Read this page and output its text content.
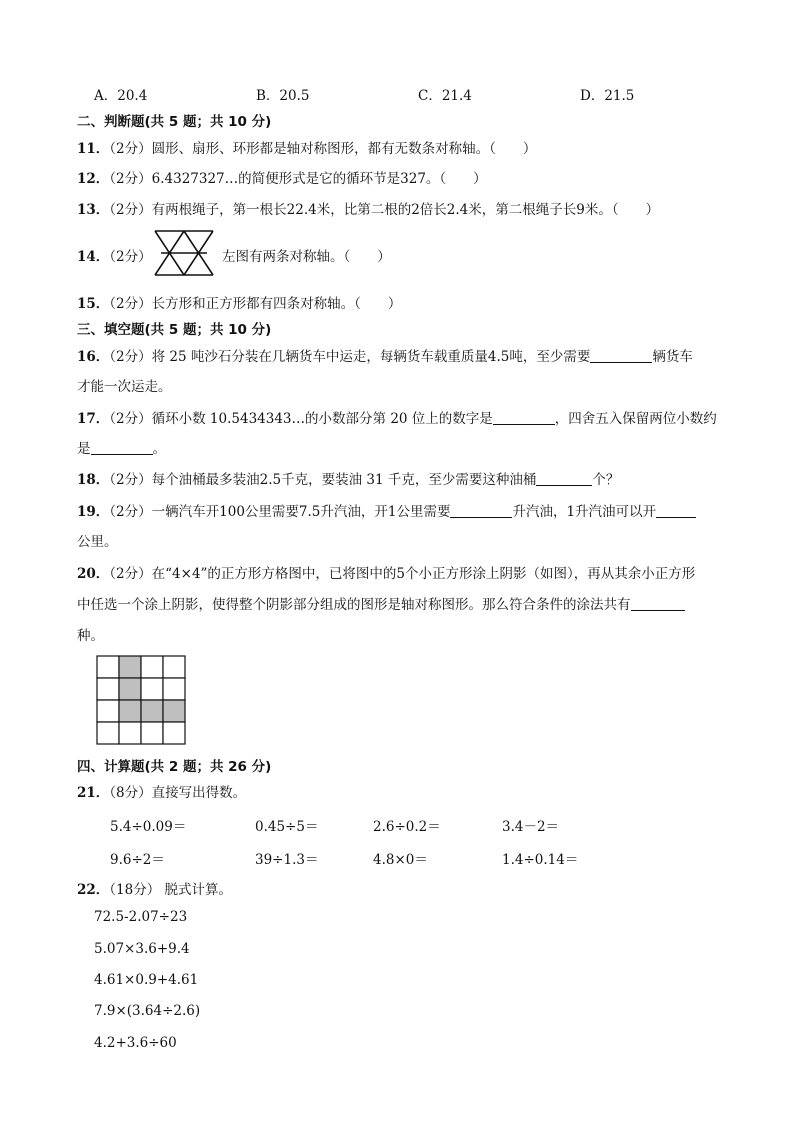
A．20.4	B．20.5	C．21.4	D．21.5
二、判断题(共 5 题；共 10 分)
11．（2分）圆形、扇形、环形都是轴对称图形，都有无数条对称轴。（　　）
12．（2分）6.4327327…的简便形式是它的循环节是327。（　　）
13．（2分）有两根绳子，第一根长22.4米，比第二根的2倍长2.4米，第二根绳子长9米。（　　）
14．（2分）	左图有两条对称轴。（　　）
15．（2分）长方形和正方形都有四条对称轴。（　　）
三、填空题(共 5 题；共 10 分)
16．（2分）将 25 吨沙石分装在几辆货车中运走，每辆货车载重质量4.5吨，至少需要	辆货车
才能一次运走。
17．（2分）循环小数 10.5434343…的小数部分第 20 位上的数字是	，四舍五入保留两位小数约
是	。
18．（2分）每个油桶最多装油2.5千克，要装油 31 千克，至少需要这种油桶	个？
19．（2分）一辆汽车开100公里需要7.5升汽油，开1公里需要	升汽油，1升汽油可以开
公里。
20．（2分）在“4×4”的正方形方格图中，已将图中的5个小正方形涂上阴影（如图），再从其余小正方形
中任选一个涂上阴影，使得整个阴影部分组成的图形是轴对称图形。那么符合条件的涂法共有
种。
四、计算题(共 2 题；共 26 分)
21．（8分）直接写出得数。
5.4÷0.09＝	0.45÷5＝	2.6÷0.2＝	3.4－2＝
9.6÷2＝	39÷1.3＝	4.8×0＝	1.4÷0.14＝
22．（18分） 脱式计算。
72.5-2.07÷23
5.07×3.6+9.4
4.61×0.9+4.61
7.9×(3.64÷2.6)
4.2+3.6÷60
